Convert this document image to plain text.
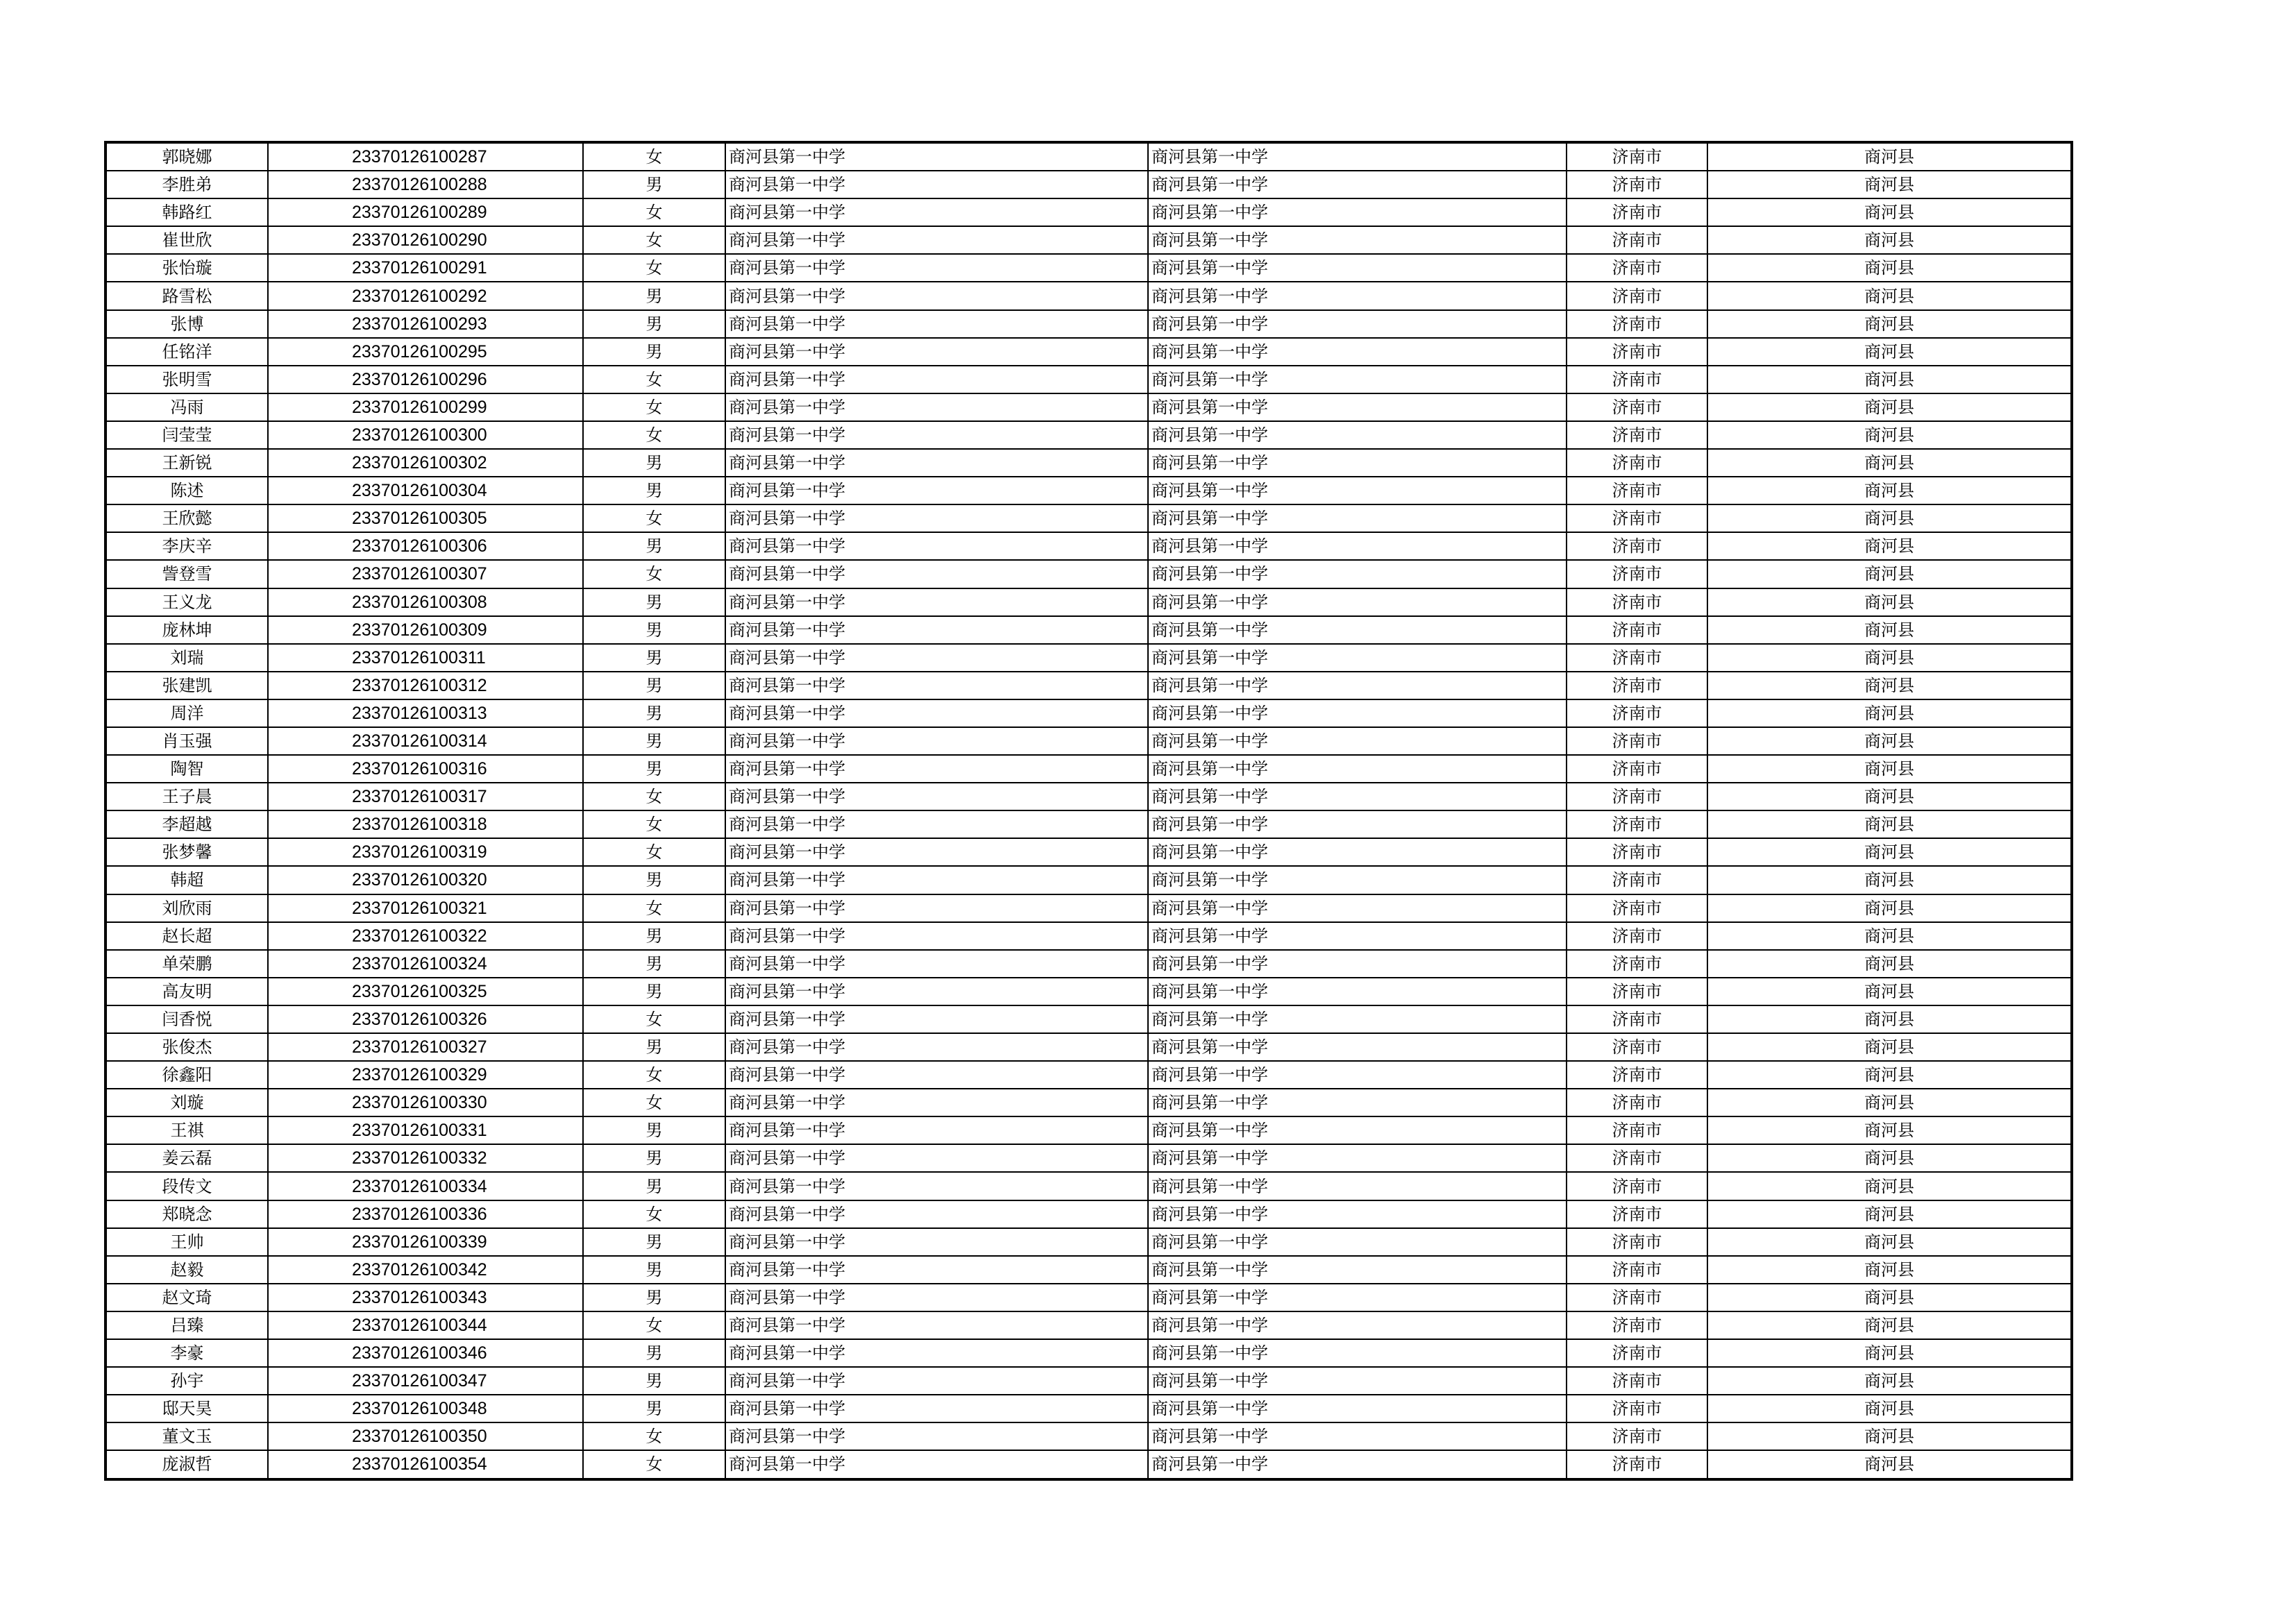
郭晓娜	23370126100287	女	商河县第一中学	商河县第一中学	济南市	商河县
李胜弟	23370126100288	男	商河县第一中学	商河县第一中学	济南市	商河县
韩路红	23370126100289	女	商河县第一中学	商河县第一中学	济南市	商河县
崔世欣	23370126100290	女	商河县第一中学	商河县第一中学	济南市	商河县
张怡璇	23370126100291	女	商河县第一中学	商河县第一中学	济南市	商河县
路雪松	23370126100292	男	商河县第一中学	商河县第一中学	济南市	商河县
张博	23370126100293	男	商河县第一中学	商河县第一中学	济南市	商河县
任铭洋	23370126100295	男	商河县第一中学	商河县第一中学	济南市	商河县
张明雪	23370126100296	女	商河县第一中学	商河县第一中学	济南市	商河县
冯雨	23370126100299	女	商河县第一中学	商河县第一中学	济南市	商河县
闫莹莹	23370126100300	女	商河县第一中学	商河县第一中学	济南市	商河县
王新锐	23370126100302	男	商河县第一中学	商河县第一中学	济南市	商河县
陈述	23370126100304	男	商河县第一中学	商河县第一中学	济南市	商河县
王欣懿	23370126100305	女	商河县第一中学	商河县第一中学	济南市	商河县
李庆辛	23370126100306	男	商河县第一中学	商河县第一中学	济南市	商河县
訾登雪	23370126100307	女	商河县第一中学	商河县第一中学	济南市	商河县
王义龙	23370126100308	男	商河县第一中学	商河县第一中学	济南市	商河县
庞林坤	23370126100309	男	商河县第一中学	商河县第一中学	济南市	商河县
刘瑞	23370126100311	男	商河县第一中学	商河县第一中学	济南市	商河县
张建凯	23370126100312	男	商河县第一中学	商河县第一中学	济南市	商河县
周洋	23370126100313	男	商河县第一中学	商河县第一中学	济南市	商河县
肖玉强	23370126100314	男	商河县第一中学	商河县第一中学	济南市	商河县
陶智	23370126100316	男	商河县第一中学	商河县第一中学	济南市	商河县
王子晨	23370126100317	女	商河县第一中学	商河县第一中学	济南市	商河县
李超越	23370126100318	女	商河县第一中学	商河县第一中学	济南市	商河县
张梦馨	23370126100319	女	商河县第一中学	商河县第一中学	济南市	商河县
韩超	23370126100320	男	商河县第一中学	商河县第一中学	济南市	商河县
刘欣雨	23370126100321	女	商河县第一中学	商河县第一中学	济南市	商河县
赵长超	23370126100322	男	商河县第一中学	商河县第一中学	济南市	商河县
单荣鹏	23370126100324	男	商河县第一中学	商河县第一中学	济南市	商河县
高友明	23370126100325	男	商河县第一中学	商河县第一中学	济南市	商河县
闫香悦	23370126100326	女	商河县第一中学	商河县第一中学	济南市	商河县
张俊杰	23370126100327	男	商河县第一中学	商河县第一中学	济南市	商河县
徐鑫阳	23370126100329	女	商河县第一中学	商河县第一中学	济南市	商河县
刘璇	23370126100330	女	商河县第一中学	商河县第一中学	济南市	商河县
王祺	23370126100331	男	商河县第一中学	商河县第一中学	济南市	商河县
姜云磊	23370126100332	男	商河县第一中学	商河县第一中学	济南市	商河县
段传文	23370126100334	男	商河县第一中学	商河县第一中学	济南市	商河县
郑晓念	23370126100336	女	商河县第一中学	商河县第一中学	济南市	商河县
王帅	23370126100339	男	商河县第一中学	商河县第一中学	济南市	商河县
赵毅	23370126100342	男	商河县第一中学	商河县第一中学	济南市	商河县
赵文琦	23370126100343	男	商河县第一中学	商河县第一中学	济南市	商河县
吕臻	23370126100344	女	商河县第一中学	商河县第一中学	济南市	商河县
李豪	23370126100346	男	商河县第一中学	商河县第一中学	济南市	商河县
孙宇	23370126100347	男	商河县第一中学	商河县第一中学	济南市	商河县
邸天昊	23370126100348	男	商河县第一中学	商河县第一中学	济南市	商河县
董文玉	23370126100350	女	商河县第一中学	商河县第一中学	济南市	商河县
庞淑哲	23370126100354	女	商河县第一中学	商河县第一中学	济南市	商河县
